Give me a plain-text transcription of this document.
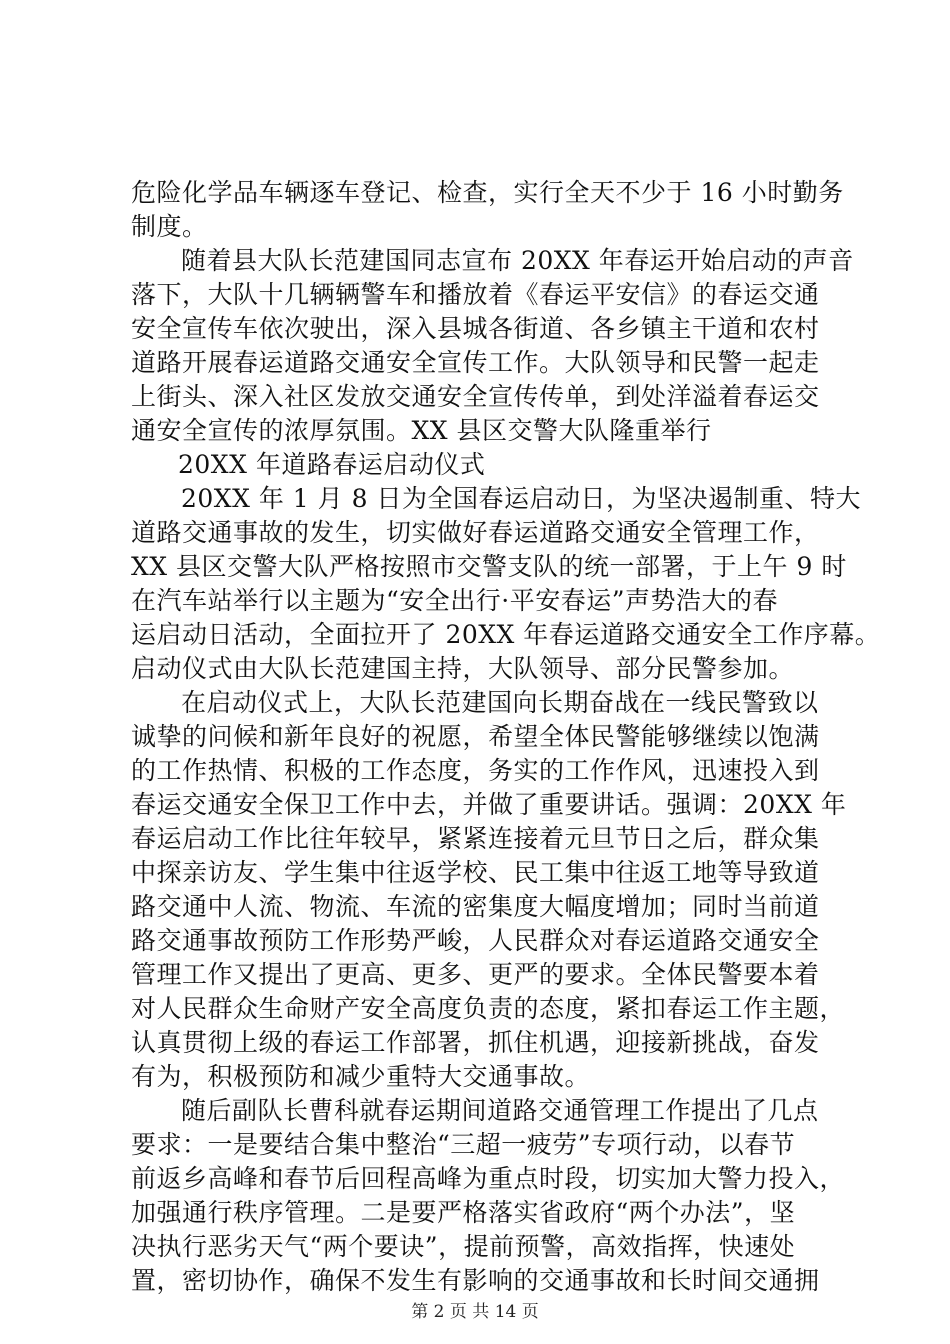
危险化学品车辆逐车登记、检查，实行全天不少于 16 小时勤务
制度。
随着县大队长范建国同志宣布 20XX 年春运开始启动的声音
落下，大队十几辆辆警车和播放着《春运平安信》的春运交通
安全宣传车依次驶出，深入县城各街道、各乡镇主干道和农村
道路开展春运道路交通安全宣传工作。大队领导和民警一起走
上街头、深入社区发放交通安全宣传传单，到处洋溢着春运交
通安全宣传的浓厚氛围。XX 县区交警大队隆重举行
20XX 年道路春运启动仪式
20XX 年 1 月 8 日为全国春运启动日，为坚决遏制重、特大
道路交通事故的发生，切实做好春运道路交通安全管理工作，
XX 县区交警大队严格按照市交警支队的统一部署，于上午 9 时
在汽车站举行以主题为“安全出行·平安春运”声势浩大的春
运启动日活动，全面拉开了 20XX 年春运道路交通安全工作序幕。
启动仪式由大队长范建国主持，大队领导、部分民警参加。
在启动仪式上，大队长范建国向长期奋战在一线民警致以
诚挚的问候和新年良好的祝愿，希望全体民警能够继续以饱满
的工作热情、积极的工作态度，务实的工作作风，迅速投入到
春运交通安全保卫工作中去，并做了重要讲话。强调：20XX 年
春运启动工作比往年较早，紧紧连接着元旦节日之后，群众集
中探亲访友、学生集中往返学校、民工集中往返工地等导致道
路交通中人流、物流、车流的密集度大幅度增加；同时当前道
路交通事故预防工作形势严峻，人民群众对春运道路交通安全
管理工作又提出了更高、更多、更严的要求。全体民警要本着
对人民群众生命财产安全高度负责的态度，紧扣春运工作主题，
认真贯彻上级的春运工作部署，抓住机遇，迎接新挑战，奋发
有为，积极预防和减少重特大交通事故。
随后副队长曹科就春运期间道路交通管理工作提出了几点
要求：一是要结合集中整治“三超一疲劳”专项行动，以春节
前返乡高峰和春节后回程高峰为重点时段，切实加大警力投入，
加强通行秩序管理。二是要严格落实省政府“两个办法”，坚
决执行恶劣天气“两个要诀”，提前预警，高效指挥，快速处
置，密切协作，确保不发生有影响的交通事故和长时间交通拥
第 2 页 共 14 页
